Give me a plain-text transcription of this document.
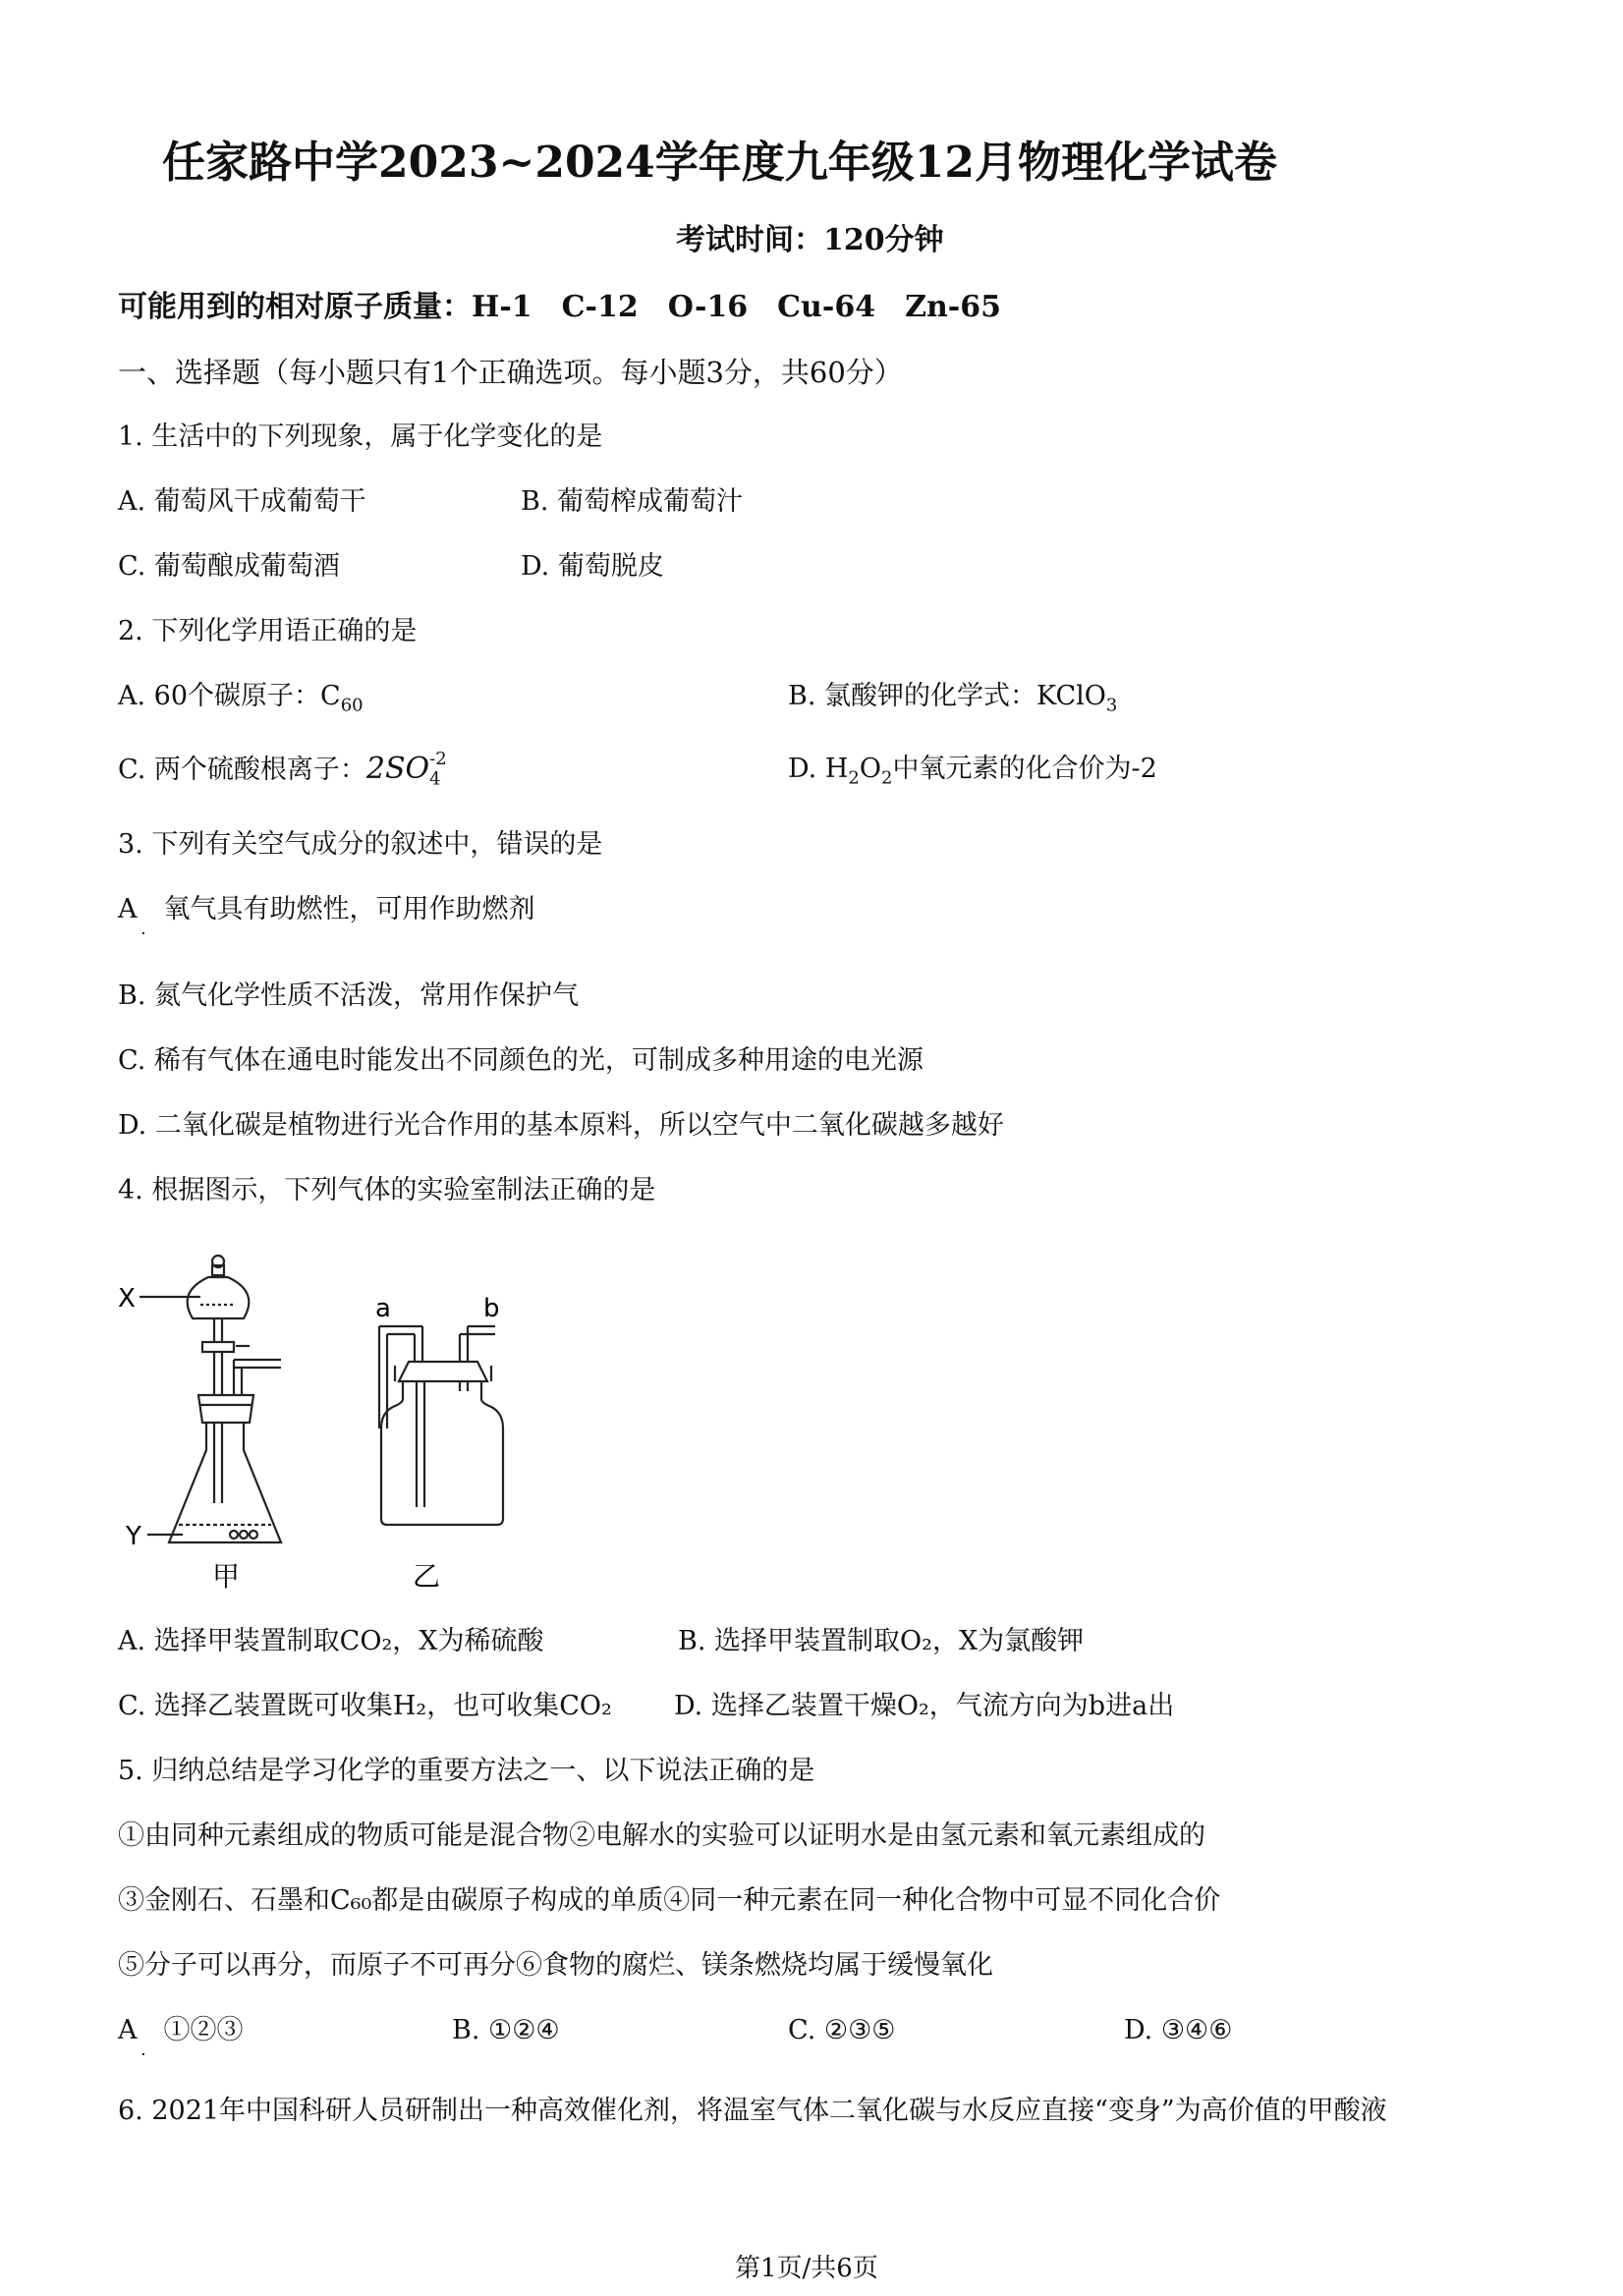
任家路中学2023~2024学年度九年级12月物理化学试卷
考试时间：120分钟
可能用到的相对原子质量：H-1　C-12　O-16　Cu-64　Zn-65
一、选择题（每小题只有1个正确选项。每小题3分，共60分）
1. 生活中的下列现象，属于化学变化的是
A. 葡萄风干成葡萄干	B. 葡萄榨成葡萄汁
C. 葡萄酿成葡萄酒	D. 葡萄脱皮
2. 下列化学用语正确的是
A. 60个碳原子：$C_{60}$	B. 氯酸钾的化学式：KClO$_3$
C. 两个硫酸根离子：$2SO_4$
-2	D. $H_2O_2$中氧元素的化合价为-2
3. 下列有关空气成分的叙述中，错误的是
A　氧气具有助燃性，可用作助燃剂
·
B. 氮气化学性质不活泼，常用作保护气
C. 稀有气体在通电时能发出不同颜色的光，可制成多种用途的电光源
D. 二氧化碳是植物进行光合作用的基本原料，所以空气中二氧化碳越多越好
4. 根据图示，下列气体的实验室制法正确的是
X
Y
甲
a	b
乙
A. 选择甲装置制取CO₂，X为稀硫酸	B. 选择甲装置制取O₂，X为氯酸钾
C. 选择乙装置既可收集H₂，也可收集CO₂ D. 选择乙装置干燥O₂，气流方向为b进a出
5. 归纳总结是学习化学的重要方法之一、以下说法正确的是
①由同种元素组成的物质可能是混合物②电解水的实验可以证明水是由氢元素和氧元素组成的
③金刚石、石墨和C₆₀都是由碳原子构成的单质④同一种元素在同一种化合物中可显不同化合价
⑤分子可以再分，而原子不可再分⑥食物的腐烂、镁条燃烧均属于缓慢氧化
A　①②③
·
B. ①②④	C. ②③⑤	D. ③④⑥
6. 2021年中国科研人员研制出一种高效催化剂，将温室气体二氧化碳与水反应直接“变身”为高价值的甲酸液
第1页/共6页
